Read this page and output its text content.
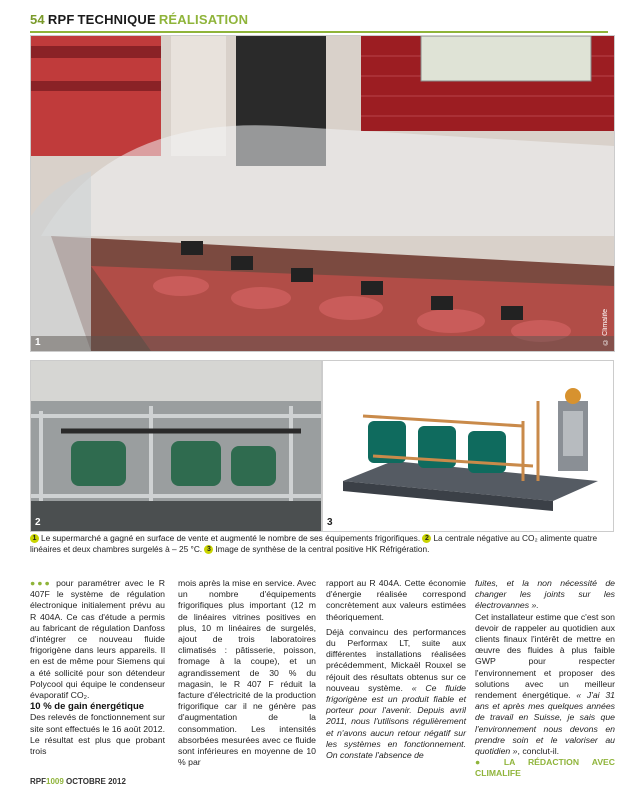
54 RPF TECHNIQUE RÉALISATION
1	© Climalife
2	3
1 Le supermarché a gagné en surface de vente et augmenté le nombre de ses équipements frigorifiques. 2 La centrale négative au CO₂ alimente quatre linéaires et deux chambres surgelés à – 25 °C. 3 Image de synthèse de la central positive HK Réfrigération.

●●● pour paramétrer avec le R 407F le système de régulation électronique initialement prévu au R 404A. Ce cas d'étude a permis au fabricant de régulation Danfoss d'intégrer ce nouveau fluide frigorigène dans leurs appareils. Il en est de même pour Siemens qui a été sollicité pour son détendeur Polycool qui équipe le condenseur évaporatif CO₂.

10 % de gain énergétique

Des relevés de fonctionnement sur site sont effectués le 16 août 2012. Le résultat est plus que probant trois

mois après la mise en service. Avec un nombre d'équipements frigorifiques plus important (12 m de linéaires vitrines positives en plus, 10 m linéaires de surgelés, ajout de trois laboratoires climatisés : pâtisserie, poisson, fromage à la coupe), et un agrandissement de 30 % du magasin, le R 407 F réduit la facture d'électricité de la production frigorifique car il ne génère pas d'augmentation de la consommation. Les intensités absorbées mesurées avec ce fluide sont inférieures en moyenne de 10 % par

rapport au R 404A. Cette économie d'énergie réalisée correspond concrètement aux valeurs estimées théoriquement.

Déjà convaincu des performances du Performax LT, suite aux différentes installations réalisées précédemment, Mickaël Rouxel se réjouit des résultats obtenus sur ce nouveau système. « Ce fluide frigorigène est un produit fiable et porteur pour l'avenir. Depuis avril 2011, nous l'utilisons régulièrement et n'avons aucun retour négatif sur les systèmes en fonctionnement. On constate l'absence de

fuites, et la non nécessité de changer les joints sur les électrovannes ».

Cet installateur estime que c'est son devoir de rappeler au quotidien aux clients finaux l'intérêt de mettre en œuvre des fluides à plus faible GWP pour respecter l'environnement et proposer des solutions avec un meilleur rendement énergétique. « J'ai 31 ans et après mes quelques années de travail en Suisse, je sais que l'environnement nous devons en prendre soin et le valoriser au quotidien », conclut-il.

● LA RÉDACTION AVEC CLIMALIFE

RPF1009 OCTOBRE 2012
